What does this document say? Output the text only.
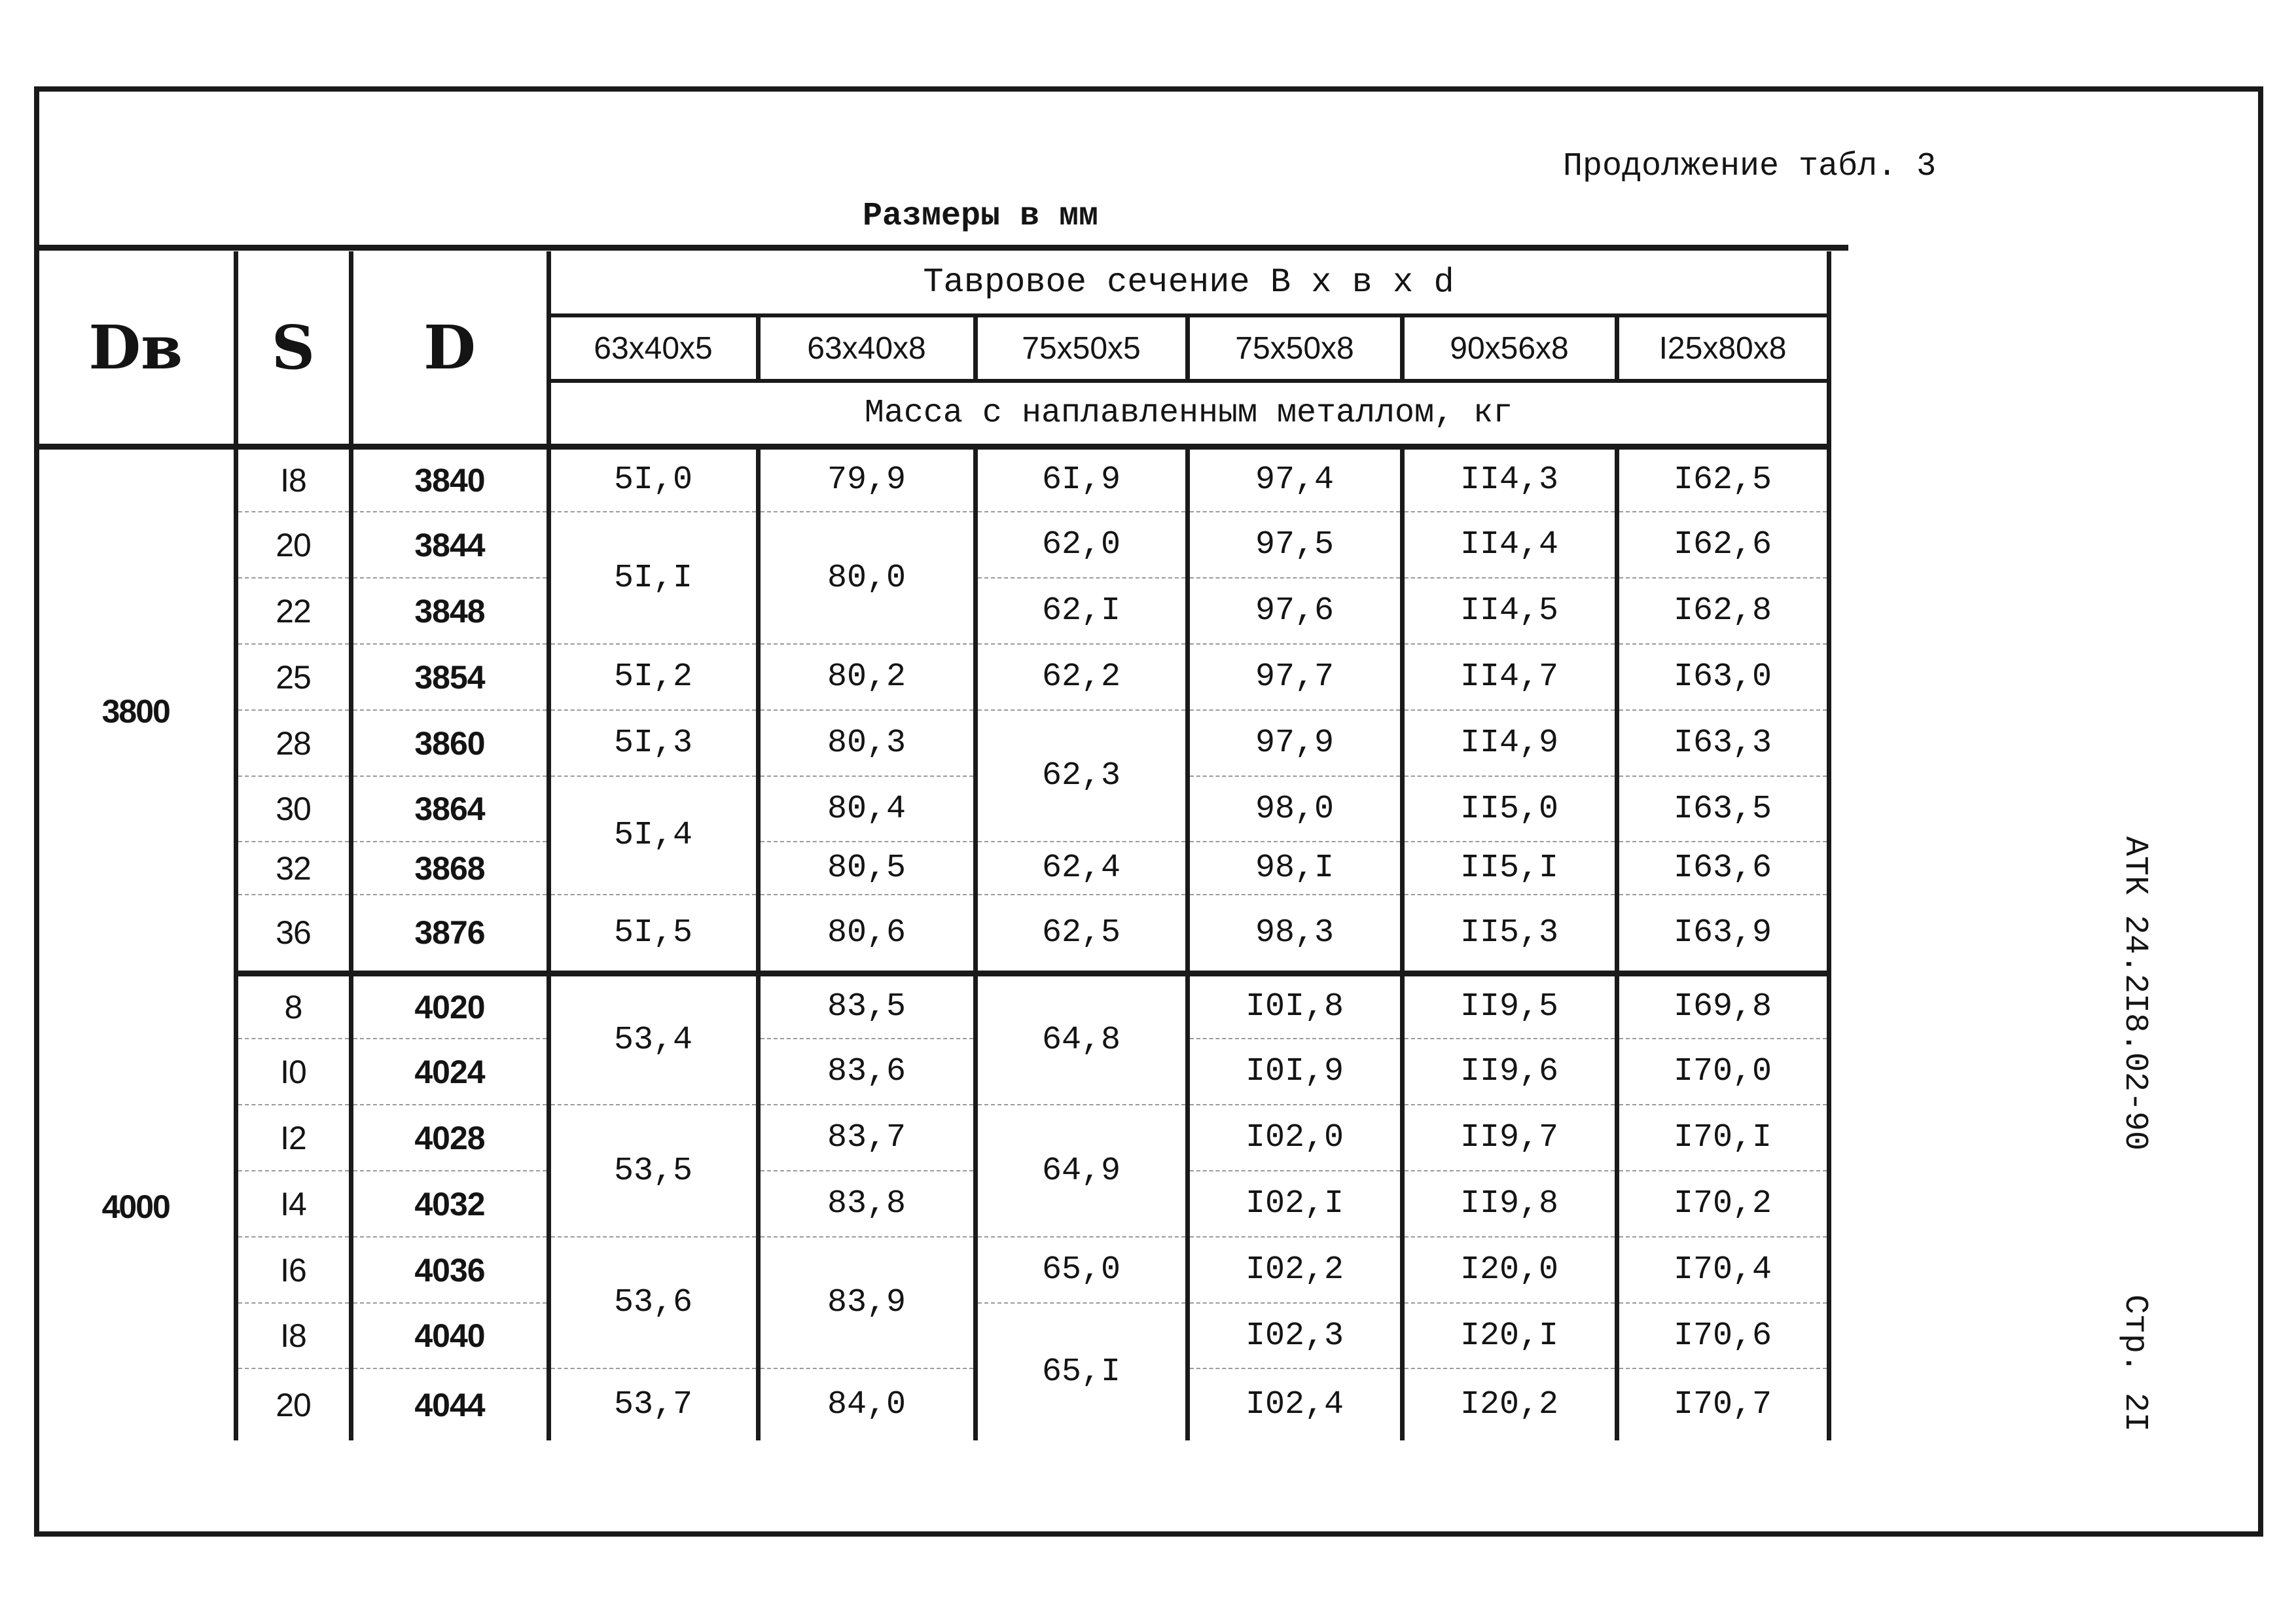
Продолжение табл. 3
Размеры в мм
АТК 24.2I8.02-90
Стр. 2I
Dв	S	D	Тавровое сечение В х в х d					
			63x40x5	63x40x8	75x50x5	75x50x8	90x56x8	I25x80x8
			Масса с наплавленным металлом, кг					
3800	I8	3840	5I,0	79,9	6I,9	97,4	II4,3	I62,5
	20	3844	5I,I	80,0	62,0	97,5	II4,4	I62,6
	22	3848			62,I	97,6	II4,5	I62,8
	25	3854	5I,2	80,2	62,2	97,7	II4,7	I63,0
	28	3860	5I,3	80,3	62,3	97,9	II4,9	I63,3
	30	3864	5I,4	80,4		98,0	II5,0	I63,5
	32	3868		80,5	62,4	98,I	II5,I	I63,6
	36	3876	5I,5	80,6	62,5	98,3	II5,3	I63,9
4000	8	4020	53,4	83,5	64,8	I0I,8	II9,5	I69,8
	I0	4024		83,6		I0I,9	II9,6	I70,0
	I2	4028	53,5	83,7	64,9	I02,0	II9,7	I70,I
	I4	4032		83,8		I02,I	II9,8	I70,2
	I6	4036	53,6	83,9	65,0	I02,2	I20,0	I70,4
	I8	4040			65,I	I02,3	I20,I	I70,6
	20	4044	53,7	84,0		I02,4	I20,2	I70,7
